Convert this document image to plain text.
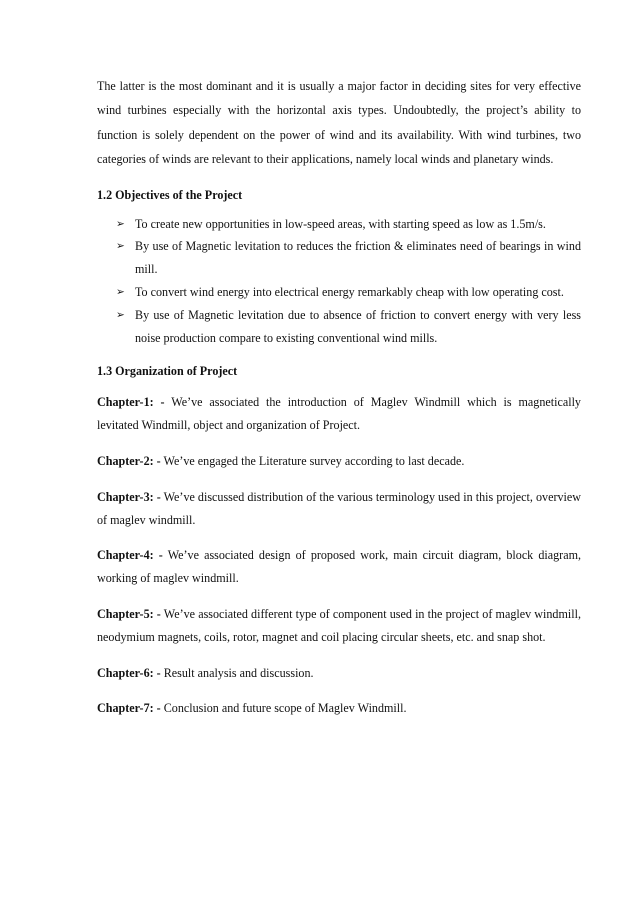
The latter is the most dominant and it is usually a major factor in deciding sites for very effective wind turbines especially with the horizontal axis types. Undoubtedly, the project’s ability to function is solely dependent on the power of wind and its availability. With wind turbines, two categories of winds are relevant to their applications, namely local winds and planetary winds.

1.2 Objectives of the Project
➢ To create new opportunities in low-speed areas, with starting speed as low as 1.5m/s.
➢ By use of Magnetic levitation to reduces the friction & eliminates need of bearings in wind mill.
➢ To convert wind energy into electrical energy remarkably cheap with low operating cost.
➢ By use of Magnetic levitation due to absence of friction to convert energy with very less noise production compare to existing conventional wind mills.
1.3 Organization of Project

Chapter-1: - We’ve associated the introduction of Maglev Windmill which is magnetically levitated Windmill, object and organization of Project.

Chapter-2: - We’ve engaged the Literature survey according to last decade.

Chapter-3: - We’ve discussed distribution of the various terminology used in this project, overview of maglev windmill.

Chapter-4: - We’ve associated design of proposed work, main circuit diagram, block diagram, working of maglev windmill.

Chapter-5: - We’ve associated different type of component used in the project of maglev windmill, neodymium magnets, coils, rotor, magnet and coil placing circular sheets, etc. and snap shot.

Chapter-6: - Result analysis and discussion.

Chapter-7: - Conclusion and future scope of Maglev Windmill.
